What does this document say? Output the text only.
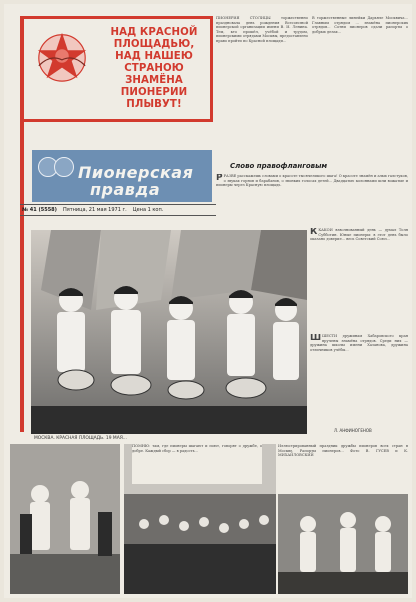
НАД КРАСНОЙ
ПЛОЩАДЬЮ,
НАД НАШЕЮ
СТРАНОЮ
ЗНАМЁНА ПИОНЕРИИ
ПЛЫВУТ!
ПИОНЕРИЯ СТОЛИЦЫ торжественно праздновала день рождения Всесоюзной пионерской организации имени В. И. Ленина. Тем, кто прошёл, учёбой и трудом, пионерскими отрядами Москвы, предоставлено право пройти по Красной площади...
В торжественные линейки Дарьяле Москвича... Главным отрядом ... знамёна пионерских отрядов... Сотни пионеров сдали рапорты о добрых делах...
Пионерская
правда
№ 41 (5558) Пятница, 21 мая 1971 г. Цена 1 коп.
Слово правофланговым
Р РАЗВЕ расскажешь словами о красоте тысячеликого шага! О красоте знамён и алых галстуков, о звуках горнов и барабанов, о звонких голосах детей... Двадцатью колоннами шли вожатые и пионеры через Красную площадь.
МОСКВА. КРАСНАЯ ПЛОЩАДЬ. 19 МАЯ...
К КАКОЙ взволнованный день — думал Толя Субботин. Юные пионеры: в этот день было оказано доверие... весь Советский Союз...
Ш ШЕСТИ дружинам Хабаровского края вручены знамёна отрядов. Среди них — дружина школы имени Хазанова, дружина отличников учёбы...
Л. АНФИНОГЕНОВ
ПОМНЮ: там, где пионеры шагают и поют, говорят о дружбе, о добре. Каждый сбор — в радость...
Иллюстрированный праздник дружбы пионеров всех стран в Москве. Рапорты пионеров... Фото В. ГУСЕВ и К. МИХАЙЛОВСКИЙ
